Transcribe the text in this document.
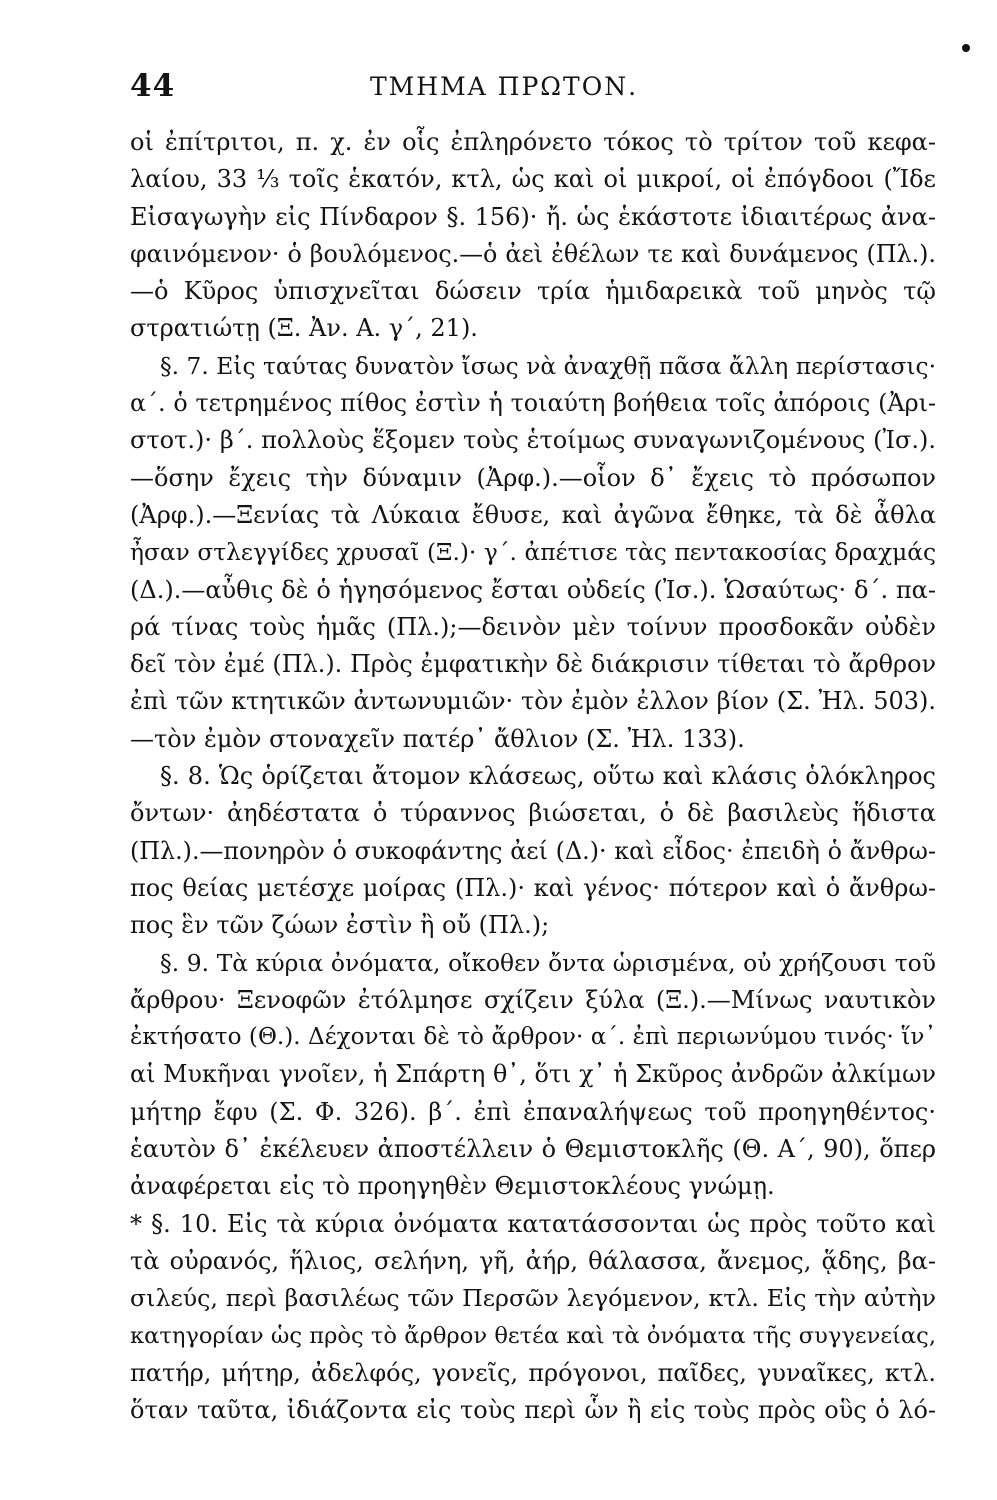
44	ΤΜΗΜΑ ΠΡΩΤΟΝ.
οἱ ἐπίτριτοι, π. χ. ἐν οἷς ἐπληρόνετο τόκος τὸ τρίτον τοῦ κεφα-
λαίου, 33 ⅓ τοῖς ἑκατόν, κτλ, ὡς καὶ οἱ μικροί, οἱ ἐπόγδοοι (Ἴδε
Εἰσαγωγὴν εἰς Πίνδαρον §. 156)· ἤ. ὡς ἑκάστοτε ἰδιαιτέρως ἀνα-
φαινόμενον· ὁ βουλόμενος.—ὁ ἀεὶ ἐθέλων τε καὶ δυνάμενος (Πλ.).
—ὁ Κῦρος ὑπισχνεῖται δώσειν τρία ἡμιδαρεικὰ τοῦ μηνὸς τῷ
στρατιώτῃ (Ξ. Ἀν. Α. γ΄, 21).
§. 7. Εἰς ταύτας δυνατὸν ἴσως νὰ ἀναχθῇ πᾶσα ἄλλη περίστασις·
α΄. ὁ τετρημένος πίθος ἐστὶν ἡ τοιαύτη βοήθεια τοῖς ἀπόροις (Ἀρι-
στοτ.)· β΄. πολλοὺς ἕξομεν τοὺς ἑτοίμως συναγωνιζομένους (Ἰσ.).
—ὅσην ἔχεις τὴν δύναμιν (Ἀρφ.).—οἷον δ᾽ ἔχεις τὸ πρόσωπον
(Ἀρφ.).—Ξενίας τὰ Λύκαια ἔθυσε, καὶ ἀγῶνα ἔθηκε, τὰ δὲ ἆθλα
ἦσαν στλεγγίδες χρυσαῖ (Ξ.)· γ΄. ἀπέτισε τὰς πεντακοσίας δραχμάς
(Δ.).—αὖθις δὲ ὁ ἡγησόμενος ἔσται οὐδείς (Ἰσ.). Ὡσαύτως· δ΄. πα-
ρά τίνας τοὺς ἡμᾶς (Πλ.);—δεινὸν μὲν τοίνυν προσδοκᾶν οὐδὲν
δεῖ τὸν ἐμέ (Πλ.). Πρὸς ἐμφατικὴν δὲ διάκρισιν τίθεται τὸ ἄρθρον
ἐπὶ τῶν κτητικῶν ἀντωνυμιῶν· τὸν ἐμὸν ἐλλον βίον (Σ. Ἠλ. 503).
—τὸν ἐμὸν στοναχεῖν πατέρ᾽ ἄθλιον (Σ. Ἠλ. 133).
§. 8. Ὡς ὁρίζεται ἄτομον κλάσεως, οὕτω καὶ κλάσις ὁλόκληρος
ὄντων· ἀηδέστατα ὁ τύραννος βιώσεται, ὁ δὲ βασιλεὺς ἥδιστα
(Πλ.).—πονηρὸν ὁ συκοφάντης ἀεί (Δ.)· καὶ εἶδος· ἐπειδὴ ὁ ἄνθρω-
πος θείας μετέσχε μοίρας (Πλ.)· καὶ γένος· πότερον καὶ ὁ ἄνθρω-
πος ἓν τῶν ζώων ἐστὶν ἢ οὔ (Πλ.);
§. 9. Τὰ κύρια ὀνόματα, οἴκοθεν ὄντα ὡρισμένα, οὐ χρήζουσι τοῦ
ἄρθρου· Ξενοφῶν ἐτόλμησε σχίζειν ξύλα (Ξ.).—Μίνως ναυτικὸν
ἐκτήσατο (Θ.). Δέχονται δὲ τὸ ἄρθρον· α΄. ἐπὶ περιωνύμου τινός· ἵν᾽
αἱ Μυκῆναι γνοῖεν, ἡ Σπάρτη θ᾽, ὅτι χ᾽ ἡ Σκῦρος ἀνδρῶν ἀλκίμων
μήτηρ ἔφυ (Σ. Φ. 326). β΄. ἐπὶ ἐπαναλήψεως τοῦ προηγηθέντος·
ἑαυτὸν δ᾽ ἐκέλευεν ἀποστέλλειν ὁ Θεμιστοκλῆς (Θ. Α΄, 90), ὅπερ
ἀναφέρεται εἰς τὸ προηγηθὲν Θεμιστοκλέους γνώμῃ.
* §. 10. Εἰς τὰ κύρια ὀνόματα κατατάσσονται ὡς πρὸς τοῦτο καὶ
τὰ οὐρανός, ἥλιος, σελήνη, γῆ, ἀήρ, θάλασσα, ἄνεμος, ᾅδης, βα-
σιλεύς, περὶ βασιλέως τῶν Περσῶν λεγόμενον, κτλ. Εἰς τὴν αὐτὴν
κατηγορίαν ὡς πρὸς τὸ ἄρθρον θετέα καὶ τὰ ὀνόματα τῆς συγγενείας,
πατήρ, μήτηρ, ἀδελφός, γονεῖς, πρόγονοι, παῖδες, γυναῖκες, κτλ.
ὅταν ταῦτα, ἰδιάζοντα εἰς τοὺς περὶ ὧν ἢ εἰς τοὺς πρὸς οὓς ὁ λό-
